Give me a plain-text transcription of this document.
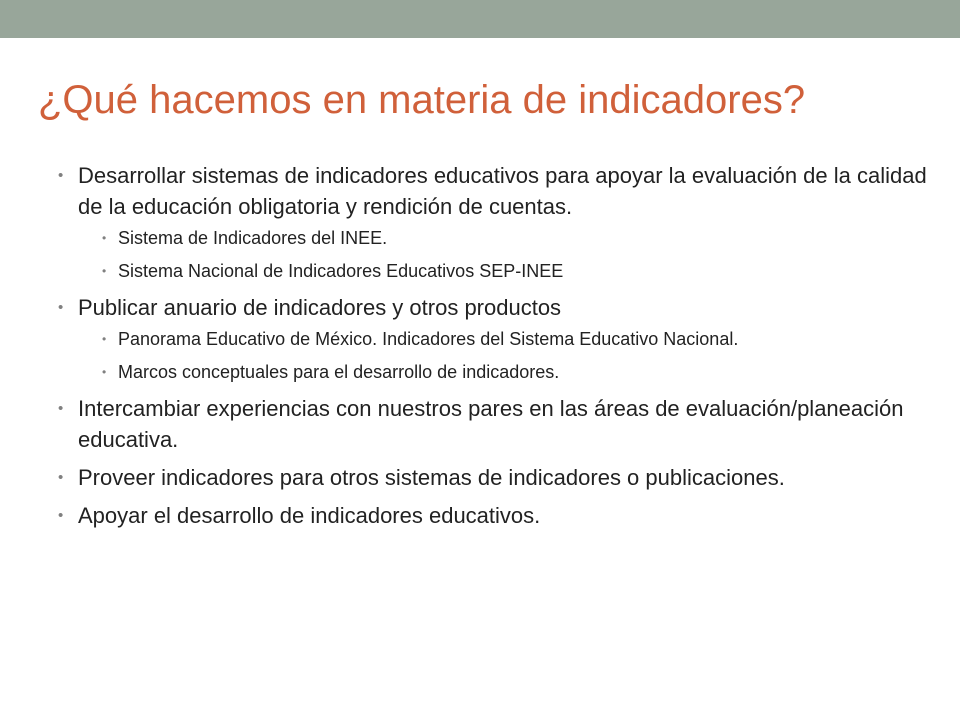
¿Qué hacemos en materia de indicadores?
• Desarrollar sistemas de indicadores educativos para apoyar la evaluación de la calidad de la educación obligatoria y rendición de cuentas.
• Sistema de Indicadores del INEE.
• Sistema Nacional de Indicadores Educativos SEP-INEE
• Publicar anuario de indicadores y otros productos
• Panorama Educativo de México. Indicadores del Sistema Educativo Nacional.
• Marcos conceptuales para el desarrollo de indicadores.
• Intercambiar experiencias con nuestros pares en las áreas de evaluación/planeación educativa.
• Proveer indicadores para otros sistemas de indicadores o publicaciones.
• Apoyar el desarrollo de indicadores educativos.
